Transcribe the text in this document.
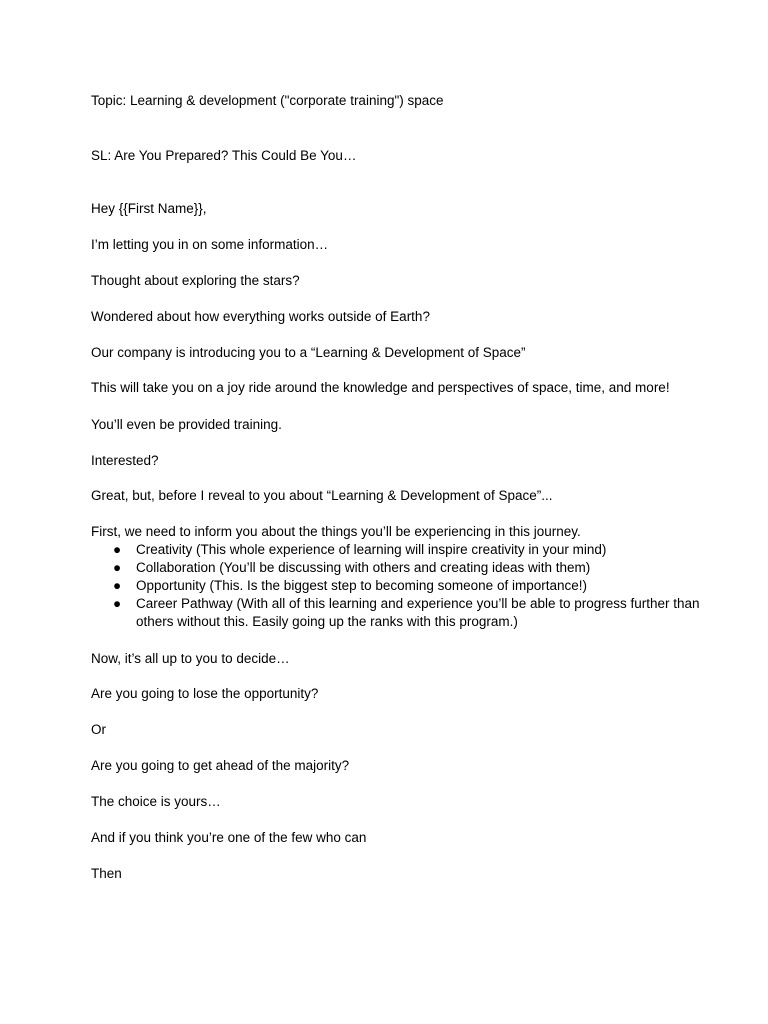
Topic: Learning & development ("corporate training") space

SL: Are You Prepared? This Could Be You…

Hey {{First Name}},

I’m letting you in on some information…

Thought about exploring the stars?

Wondered about how everything works outside of Earth?

Our company is introducing you to a “Learning & Development of Space”

This will take you on a joy ride around the knowledge and perspectives of space, time, and more!

You’ll even be provided training.

Interested?

Great, but, before I reveal to you about “Learning & Development of Space”...

First, we need to inform you about the things you’ll be experiencing in this journey.

● Creativity (This whole experience of learning will inspire creativity in your mind)
● Collaboration (You’ll be discussing with others and creating ideas with them)
● Opportunity (This. Is the biggest step to becoming someone of importance!)
● Career Pathway (With all of this learning and experience you’ll be able to progress further than others without this. Easily going up the ranks with this program.)

Now, it’s all up to you to decide…

Are you going to lose the opportunity?

Or

Are you going to get ahead of the majority?

The choice is yours…

And if you think you’re one of the few who can

Then
